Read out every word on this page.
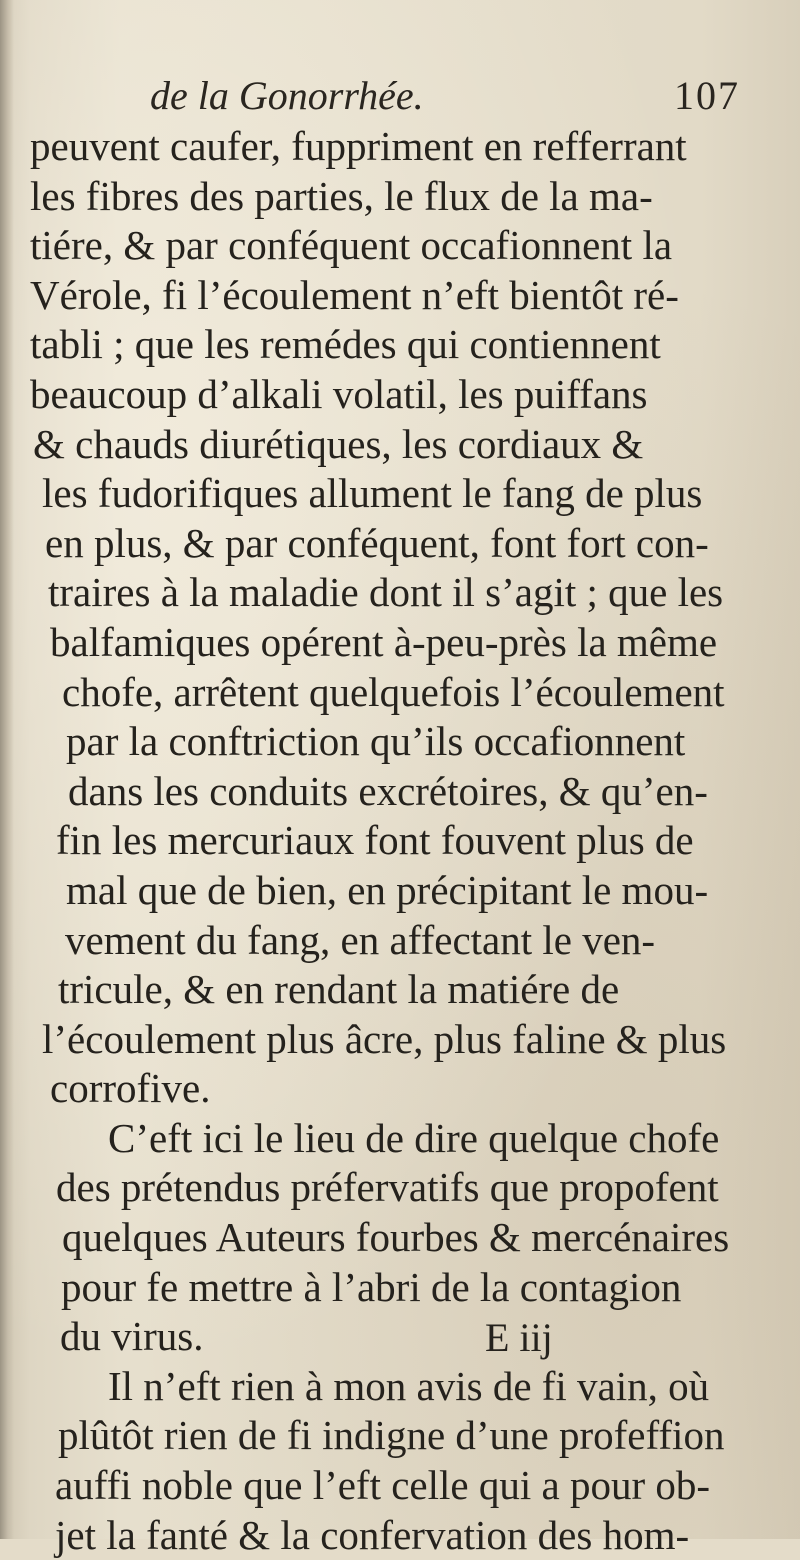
de la Gonorrhée.	107
peuvent caufer, fuppriment en refferrant
les fibres des parties, le flux de la ma-
tiére, & par conféquent occafionnent la
Vérole, fi l’écoulement n’eft bientôt ré-
tabli ; que les remédes qui contiennent
beaucoup d’alkali volatil, les puiffans
& chauds diurétiques, les cordiaux &
les fudorifiques allument le fang de plus
en plus, & par conféquent, font fort con-
traires à la maladie dont il s’agit ; que les
balfamiques opérent à-peu-près la même
chofe, arrêtent quelquefois l’écoulement
par la conftriction qu’ils occafionnent
dans les conduits excrétoires, & qu’en-
fin les mercuriaux font fouvent plus de
mal que de bien, en précipitant le mou-
vement du fang, en affectant le ven-
tricule, & en rendant la matiére de
l’écoulement plus âcre, plus faline & plus
corrofive.
C’eft ici le lieu de dire quelque chofe
des prétendus préfervatifs que propofent
quelques Auteurs fourbes & mercénaires
pour fe mettre à l’abri de la contagion
du virus.
Il n’eft rien à mon avis de fi vain, où
plûtôt rien de fi indigne d’une profeffion
auffi noble que l’eft celle qui a pour ob-
jet la fanté & la confervation des hom-
E iij
